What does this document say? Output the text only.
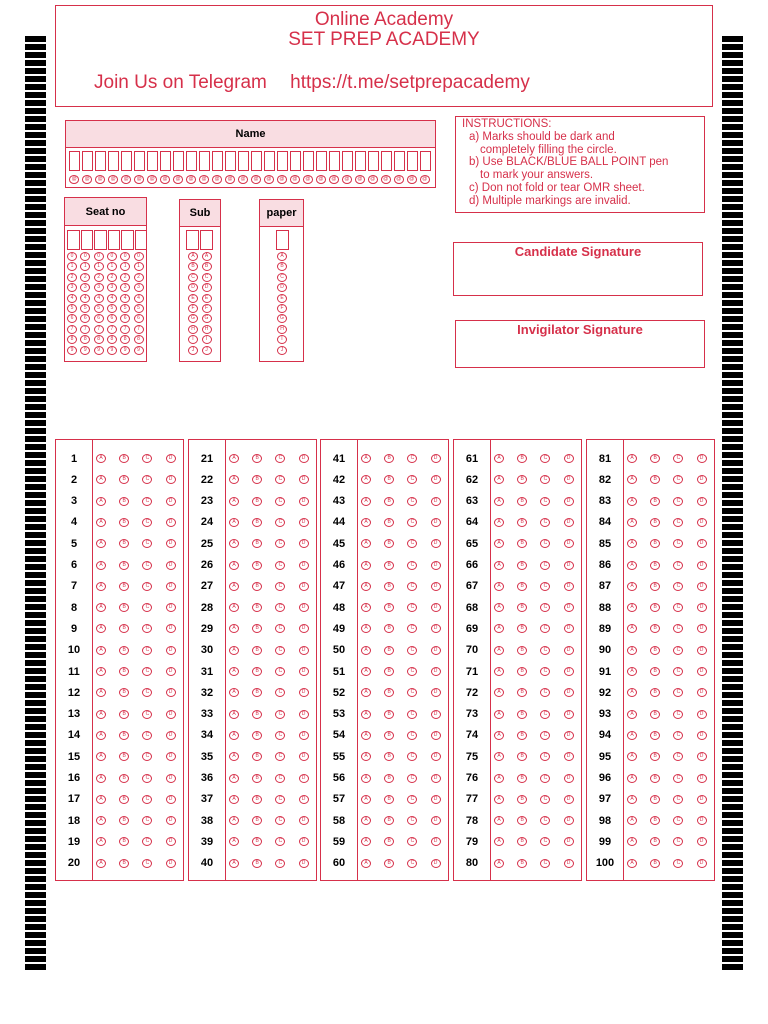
Online Academy
SET PREP ACADEMY
Join Us on Telegram https://t.me/setprepacademy
Name
@	@	@	@	@	@	@	@	@	@	@	@	@	@	@	@	@	@	@	@	@	@	@	@	@	@	@	@
Seat no
0	0	0	0	0	0
1	1	1	1	1	1
2	2	2	2	2	2
3	3	3	3	3	3
4	4	4	4	4	4
5	5	5	5	5	5
6	6	6	6	6	6
7	7	7	7	7	7
8	8	8	8	8	8
9	9	9	9	9	9
Sub
A	A
B	B
C	C
D	D
E	E
F	F
G	G
H	H
I	I
J	J
paper
A
B
C
D
E
F
G
H
I
J
INSTRUCTIONS:
a) Marks should be dark and
completely filling the circle.
b) Use BLACK/BLUE BALL POINT pen
to mark your answers.
c) Don not fold or tear OMR sheet.
d) Multiple markings are invalid.
Candidate Signature
Invigilator Signature
1	A	B	C	D
2	A	B	C	D
3	A	B	C	D
4	A	B	C	D
5	A	B	C	D
6	A	B	C	D
7	A	B	C	D
8	A	B	C	D
9	A	B	C	D
10	A	B	C	D
11	A	B	C	D
12	A	B	C	D
13	A	B	C	D
14	A	B	C	D
15	A	B	C	D
16	A	B	C	D
17	A	B	C	D
18	A	B	C	D
19	A	B	C	D
20	A	B	C	D
21	A	B	C	D
22	A	B	C	D
23	A	B	C	D
24	A	B	C	D
25	A	B	C	D
26	A	B	C	D
27	A	B	C	D
28	A	B	C	D
29	A	B	C	D
30	A	B	C	D
31	A	B	C	D
32	A	B	C	D
33	A	B	C	D
34	A	B	C	D
35	A	B	C	D
36	A	B	C	D
37	A	B	C	D
38	A	B	C	D
39	A	B	C	D
40	A	B	C	D
41	A	B	C	D
42	A	B	C	D
43	A	B	C	D
44	A	B	C	D
45	A	B	C	D
46	A	B	C	D
47	A	B	C	D
48	A	B	C	D
49	A	B	C	D
50	A	B	C	D
51	A	B	C	D
52	A	B	C	D
53	A	B	C	D
54	A	B	C	D
55	A	B	C	D
56	A	B	C	D
57	A	B	C	D
58	A	B	C	D
59	A	B	C	D
60	A	B	C	D
61	A	B	C	D
62	A	B	C	D
63	A	B	C	D
64	A	B	C	D
65	A	B	C	D
66	A	B	C	D
67	A	B	C	D
68	A	B	C	D
69	A	B	C	D
70	A	B	C	D
71	A	B	C	D
72	A	B	C	D
73	A	B	C	D
74	A	B	C	D
75	A	B	C	D
76	A	B	C	D
77	A	B	C	D
78	A	B	C	D
79	A	B	C	D
80	A	B	C	D
81	A	B	C	D
82	A	B	C	D
83	A	B	C	D
84	A	B	C	D
85	A	B	C	D
86	A	B	C	D
87	A	B	C	D
88	A	B	C	D
89	A	B	C	D
90	A	B	C	D
91	A	B	C	D
92	A	B	C	D
93	A	B	C	D
94	A	B	C	D
95	A	B	C	D
96	A	B	C	D
97	A	B	C	D
98	A	B	C	D
99	A	B	C	D
100	A	B	C	D
